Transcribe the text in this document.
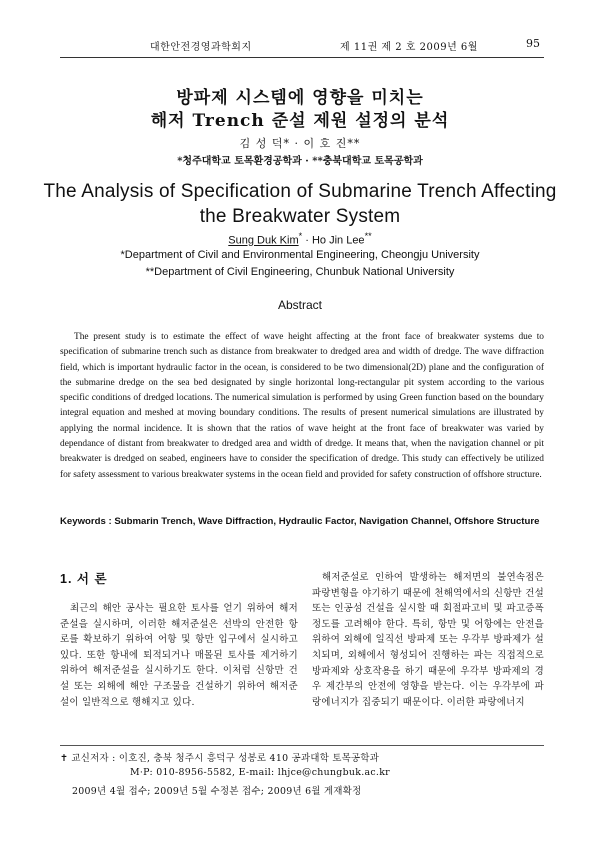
대한안전경영과학회지	제 11권 제 2 호 2009년 6월	95
방파제 시스템에 영향을 미치는
해저 Trench 준설 제원 설정의 분석
김 성 덕* · 이 호 진**
*청주대학교 토목환경공학과 · **충북대학교 토목공학과
The Analysis of Specification of Submarine Trench Affecting
the Breakwater System
Sung Duk Kim* · Ho Jin Lee**
*Department of Civil and Environmental Engineering, Cheongju University
**Department of Civil Engineering, Chunbuk National University
Abstract
The present study is to estimate the effect of wave height affecting at the front face of breakwater systems due to specification of submarine trench such as distance from breakwater to dredged area and width of dredge. The wave diffraction field, which is important hydraulic factor in the ocean, is considered to be two dimensional(2D) plane and the configuration of the submarine dredge on the sea bed designated by single horizontal long-rectangular pit system according to the various specific conditions of dredged locations. The numerical simulation is performed by using Green function based on the boundary integral equation and meshed at moving boundary conditions. The results of present numerical simulations are illustrated by applying the normal incidence. It is shown that the ratios of wave height at the front face of breakwater was varied by dependance of distant from breakwater to dredged area and width of dredge. It means that, when the navigation channel or pit breakwater is dredged on seabed, engineers have to consider the specification of dredge. This study can effectively be utilized for safety assessment to various breakwater systems in the ocean field and provided for safety construction of offshore structure.
Keywords : Submarin Trench, Wave Diffraction, Hydraulic Factor, Navigation Channel, Offshore Structure
1. 서 론
최근의 해안 공사는 필요한 토사를 얻기 위하여 해저 준설을 실시하며, 이러한 해저준설은 선박의 안전한 항로를 확보하기 위하여 어항 및 항만 입구에서 실시하고 있다. 또한 항내에 퇴적되거나 매몰된 토사를 제거하기 위하여 해저준설을 실시하기도 한다. 이처럼 신항만 건설 또는 외해에 해안 구조물을 건설하기 위하여 해저준설이 일반적으로 행해지고 있다.
해저준설로 인하여 발생하는 해저면의 불연속점은 파랑변형을 야기하기 때문에 천해역에서의 신항만 건설 또는 인공섬 건설을 실시할 때 회절파고비 및 파고증폭 정도를 고려해야 한다. 특히, 항만 및 어항에는 안전을 위하여 외해에 일직선 방파제 또는 우각부 방파제가 설치되며, 외해에서 형성되어 진행하는 파는 직접적으로 방파제와 상호작용을 하기 때문에 우각부 방파제의 경우 제간부의 안전에 영향을 받는다. 이는 우각부에 파랑에너지가 집중되기 때문이다. 이러한 파랑에너지
✝ 교신저자 : 이호진, 충북 청주시 흥덕구 성봉로 410 공과대학 토목공학과
M·P: 010-8956-5582, E-mail: lhjce@chungbuk.ac.kr
2009년 4월 접수; 2009년 5월 수정본 접수; 2009년 6월 게재확정
